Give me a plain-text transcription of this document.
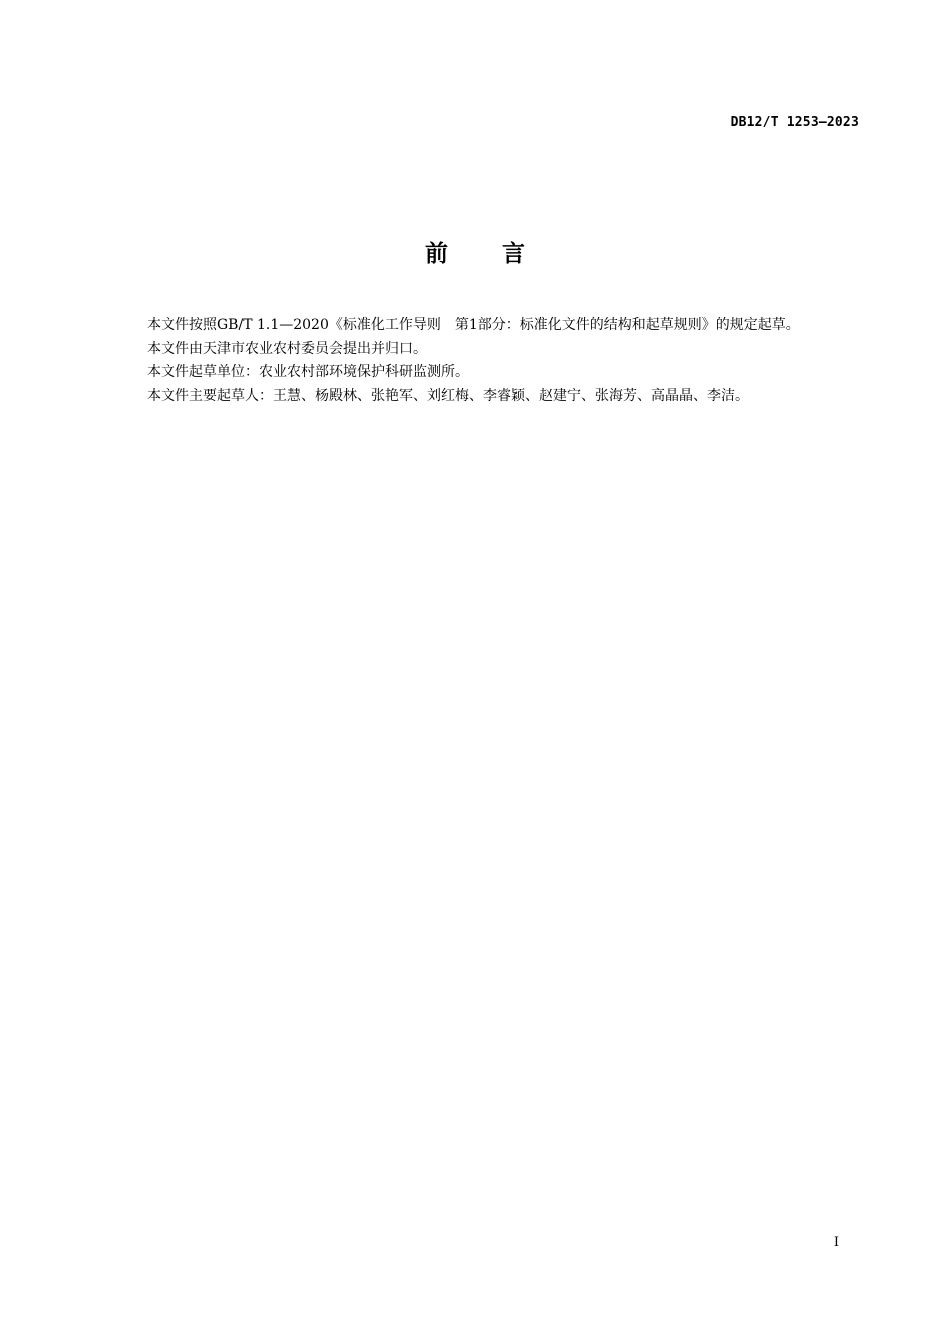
DB12/T 1253—2023
前言

本文件按照GB/T 1.1—2020《标准化工作导则　第1部分：标准化文件的结构和起草规则》的规定起草。

本文件由天津市农业农村委员会提出并归口。

本文件起草单位：农业农村部环境保护科研监测所。

本文件主要起草人：王慧、杨殿林、张艳军、刘红梅、李睿颖、赵建宁、张海芳、高晶晶、李洁。

I
